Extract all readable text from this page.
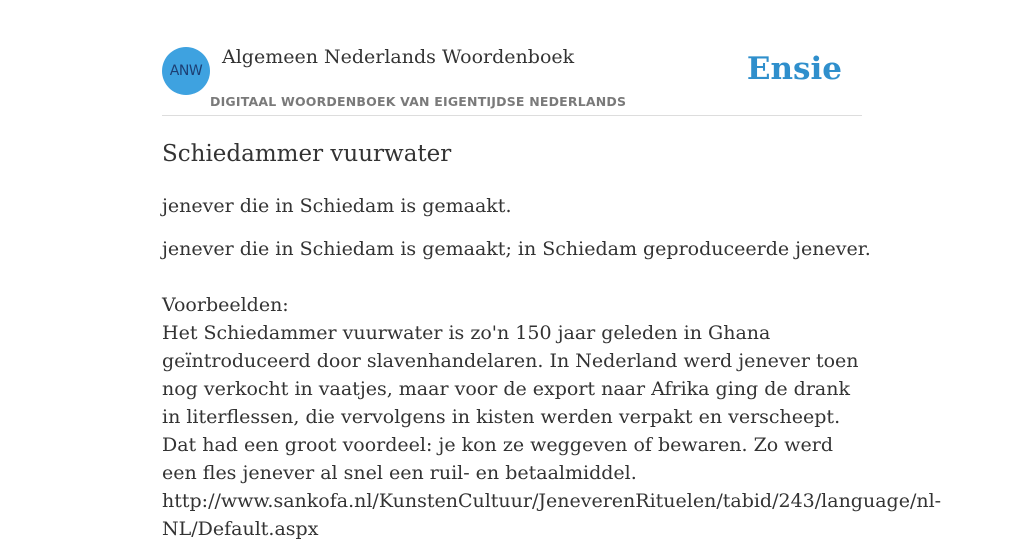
ANW
Algemeen Nederlands Woordenboek
DIGITAAL WOORDENBOEK VAN EIGENTIJDSE NEDERLANDS
Ensie
Schiedammer vuurwater

jenever die in Schiedam is gemaakt.

jenever die in Schiedam is gemaakt; in Schiedam geproduceerde jenever.

Voorbeelden:
Het Schiedammer vuurwater is zo'n 150 jaar geleden in Ghana geïntroduceerd door slavenhandelaren. In Nederland werd jenever toen nog verkocht in vaatjes, maar voor de export naar Afrika ging de drank in literflessen, die vervolgens in kisten werden verpakt en verscheept. Dat had een groot voordeel: je kon ze weggeven of bewaren. Zo werd een fles jenever al snel een ruil- en betaalmiddel.
http://www.sankofa.nl/KunstenCultuur/JeneverenRituelen/tabid/243/language/nl-NL/Default.aspx
